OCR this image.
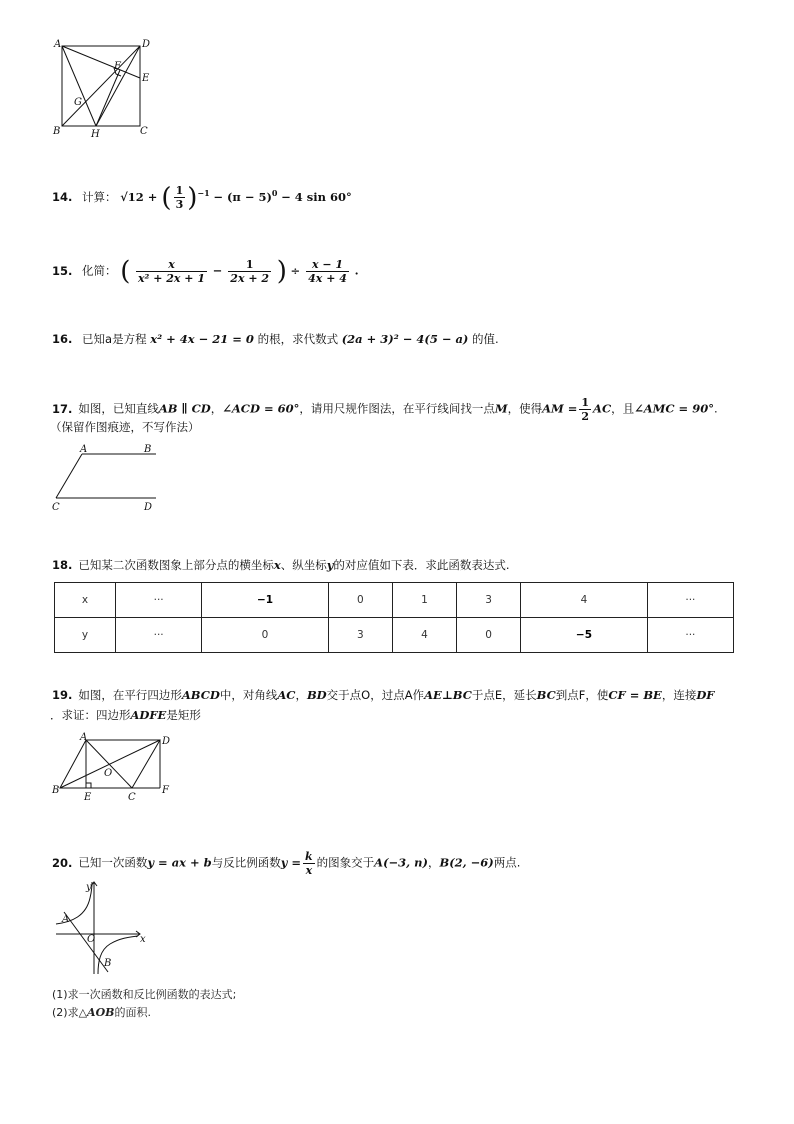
A	D
F
E
G
B	H	C
14. 计算： √12 + ( $\frac{1}{3} )^{-1} - (\pi - 5)^0 - 4$ sin 60°
15. 化简： ( $\frac{x}{\text{x² + 2x + 1}} - \frac{1}{2x + 2}$ ) ÷ $\frac{x - 1}{4x + 4}$ .
16. 已知a是方程 x² + 4x − 21 = 0 的根，求代数式 (2a + 3)² − 4(5 − a) 的值.
17. 如图，已知直线AB ∥ CD，∠ACD = 60°，请用尺规作图法，在平行线间找一点M，使得AM = $\frac{1}{2}$ AC，且∠AMC = 90°.
（保留作图痕迹，不写作法）
A	B
C	D
18. 已知某二次函数图象上部分点的横坐标x、纵坐标y的对应值如下表．求此函数表达式.
x	···	−1	0	1	3	4	···
y	···	0	3	4	0	−5	···
19. 如图，在平行四边形ABCD中，对角线AC，BD交于点O，过点A作AE⊥BC于点E，延长BC到点F，使CF = BE，连接DF
．求证：四边形ADFE是矩形
A	D
O
B
E	C
F
20. 已知一次函数y = ax + b与反比例函数$y = \frac{k}{x}$ 的图象交于A(−3, n)，B(2, −6)两点.
y
A
O	x
B
(1)求一次函数和反比例函数的表达式;
(2)求△AOB的面积.
